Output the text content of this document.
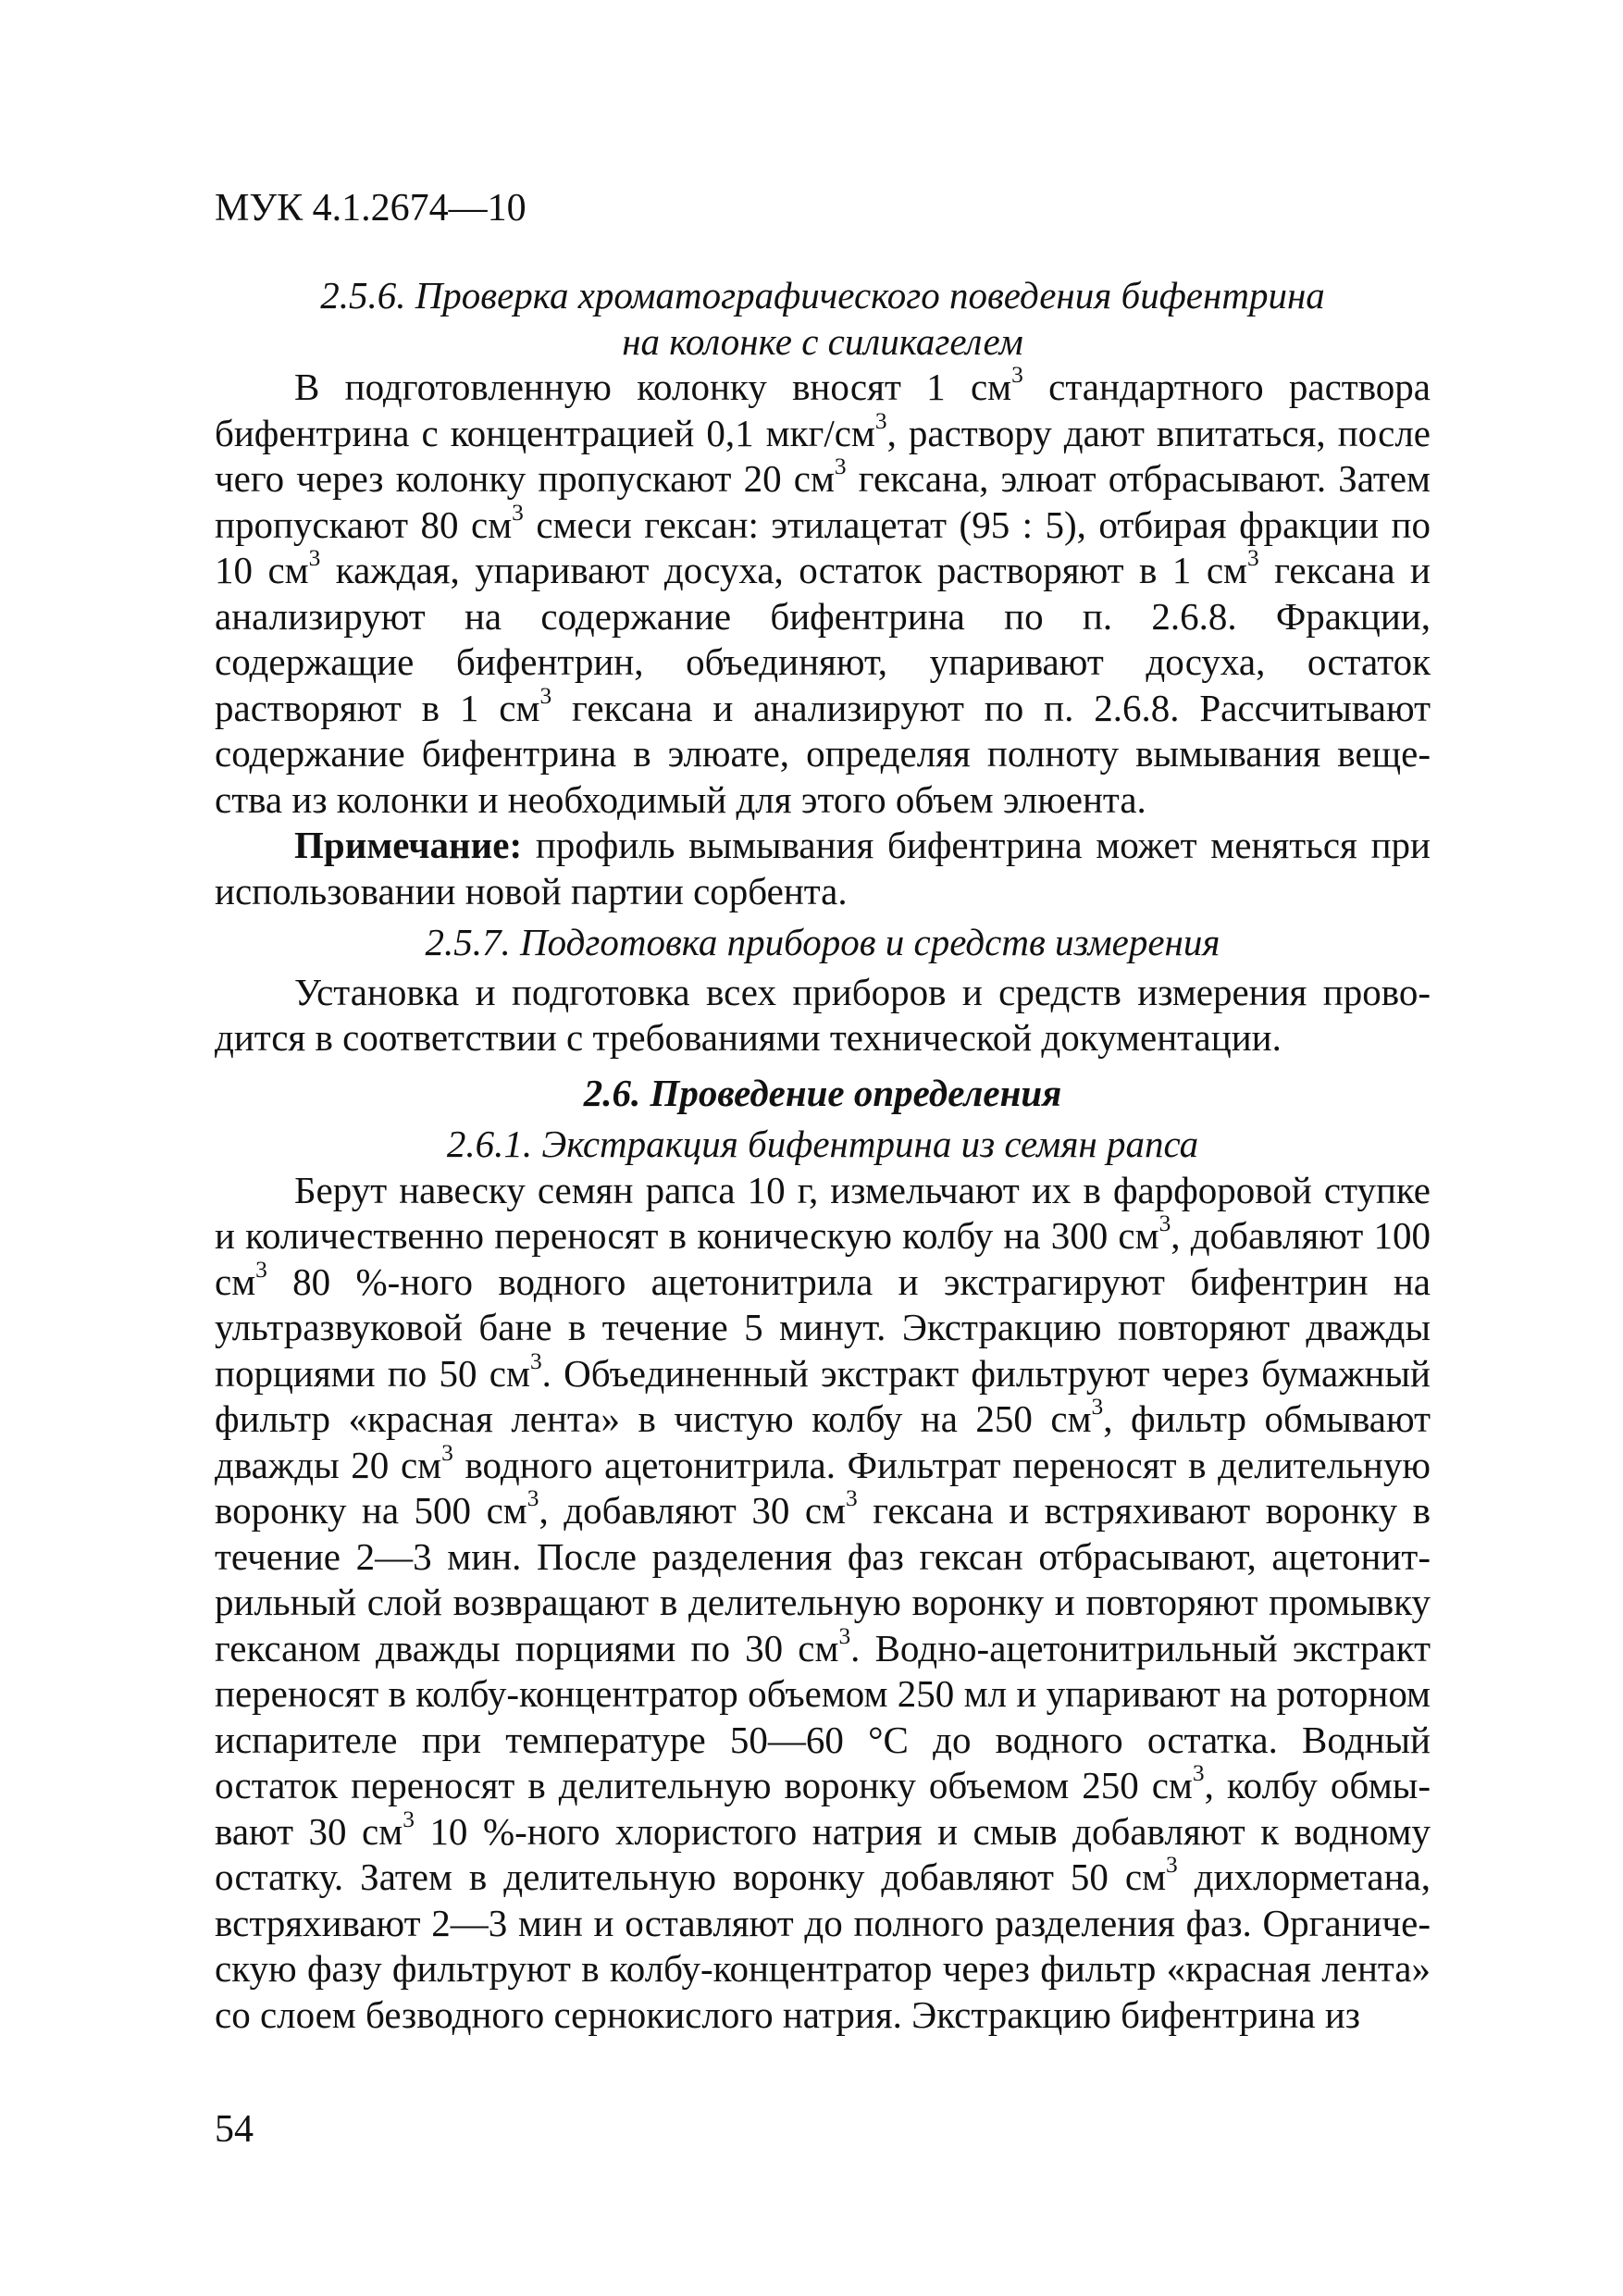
МУК 4.1.2674—10

2.5.6. Проверка хроматографического поведения бифентрина

на колонке с силикагелем

В подготовленную колонку вносят 1 $см^3$ стандартного раствора бифентрина с концентрацией 0,1 мкг/$см^3$, раствору дают впитаться, после чего через колонку пропускают 20 $см^3$ гексана, элюат отбрасывают. Затем пропускают 80 $см^3$ смеси гексан: этилацетат (95 : 5), отбирая фракции по 10 $см^3$ каждая, упаривают досуха, остаток растворяют в 1 $см^3$ гексана и анализируют на содержание бифентрина по п. 2.6.8. Фракции, содержащие бифентрин, объединяют, упаривают досуха, остаток растворяют в 1 $см^3$ гексана и анализируют по п. 2.6.8. Рассчитывают содержание бифентрина в элюате, определяя полноту вымывания вещества из колонки и необходимый для этого объем элюента.

Примечание: профиль вымывания бифентрина может меняться при использовании новой партии сорбента.

2.5.7. Подготовка приборов и средств измерения

Установка и подготовка всех приборов и средств измерения проводится в соответствии с требованиями технической документации.

2.6. Проведение определения

2.6.1. Экстракция бифентрина из семян рапса

Берут навеску семян рапса 10 г, измельчают их в фарфоровой ступке и количественно переносят в коническую колбу на 300 $см^3$, добавляют 100 $см^3$ 80 %-ного водного ацетонитрила и экстрагируют бифентрин на ультразвуковой бане в течение 5 минут. Экстракцию повторяют дважды порциями по 50 $см^3$. Объединенный экстракт фильтруют через бумажный фильтр «красная лента» в чистую колбу на 250 $см^3$, фильтр обмывают дважды 20 $см^3$ водного ацетонитрила. Фильтрат переносят в делительную воронку на 500 $см^3$, добавляют 30 $см^3$ гексана и встряхивают воронку в течение 2—3 мин. После разделения фаз гексан отбрасывают, ацетонитрильный слой возвращают в делительную воронку и повторяют промывку гексаном дважды порциями по 30 $см^3$. Водно-ацетонитрильный экстракт переносят в колбу-концентратор объемом 250 мл и упаривают на роторном испарителе при температуре 50—60 °С до водного остатка. Водный остаток переносят в делительную воронку объемом 250 $см^3$, колбу обмывают 30 $см^3$ 10 %-ного хлористого натрия и смыв добавляют к водному остатку. Затем в делительную воронку добавляют 50 $см^3$ дихлорметана, встряхивают 2—3 мин и оставляют до полного разделения фаз. Органическую фазу фильтруют в колбу-концентратор через фильтр «красная лента» со слоем безводного сернокислого натрия. Экстракцию бифентрина из

54
